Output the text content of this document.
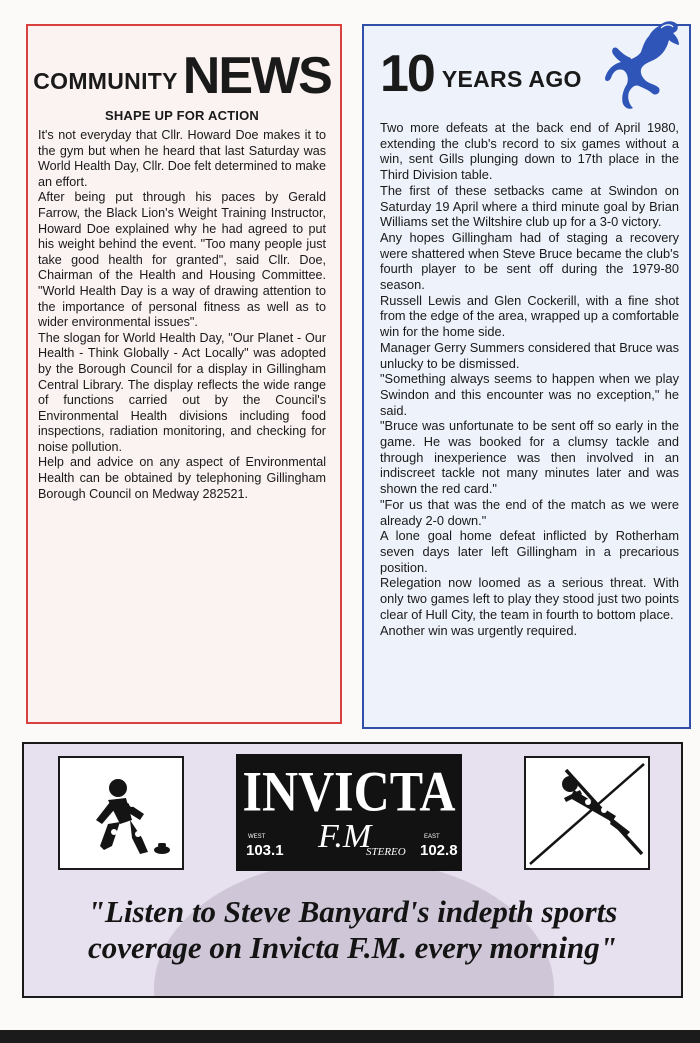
COMMUNITY NEWS
SHAPE UP FOR ACTION

It's not everyday that Cllr. Howard Doe makes it to the gym but when he heard that last Saturday was World Health Day, Cllr. Doe felt determined to make an effort.

After being put through his paces by Gerald Farrow, the Black Lion's Weight Training Instructor, Howard Doe explained why he had agreed to put his weight behind the event. "Too many people just take good health for granted", said Cllr. Doe, Chairman of the Health and Housing Committee. "World Health Day is a way of drawing attention to the importance of personal fitness as well as to wider environmental issues".

The slogan for World Health Day, "Our Planet - Our Health - Think Globally - Act Locally" was adopted by the Borough Council for a display in Gillingham Central Library. The display reflects the wide range of functions carried out by the Council's Environmental Health divisions including food inspections, radiation monitoring, and checking for noise pollution.

Help and advice on any aspect of Environmental Health can be obtained by telephoning Gillingham Borough Council on Medway 282521.

10 YEARS AGO

Two more defeats at the back end of April 1980, extending the club's record to six games without a win, sent Gills plunging down to 17th place in the Third Division table.

The first of these setbacks came at Swindon on Saturday 19 April where a third minute goal by Brian Williams set the Wiltshire club up for a 3-0 victory.

Any hopes Gillingham had of staging a recovery were shattered when Steve Bruce became the club's fourth player to be sent off during the 1979-80 season.

Russell Lewis and Glen Cockerill, with a fine shot from the edge of the area, wrapped up a comfortable win for the home side.

Manager Gerry Summers considered that Bruce was unlucky to be dismissed.

"Something always seems to happen when we play Swindon and this encounter was no exception," he said.

"Bruce was unfortunate to be sent off so early in the game. He was booked for a clumsy tackle and through inexperience was then involved in an indiscreet tackle not many minutes later and was shown the red card."

"For us that was the end of the match as we were already 2-0 down."

A lone goal home defeat inflicted by Rotherham seven days later left Gillingham in a precarious position.

Relegation now loomed as a serious threat. With only two games left to play they stood just two points clear of Hull City, the team in fourth to bottom place.

Another win was urgently required.

INVICTA
F.M
WEST
103.1	STEREO
EAST
102.8
"Listen to Steve Banyard's indepth sports
coverage on Invicta F.M. every morning"
